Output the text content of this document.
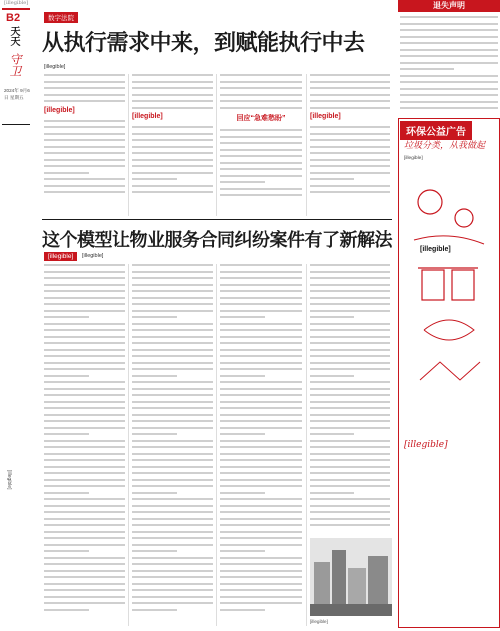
[illegible]
B2
天天
守卫
2024年 9月6日 星期五
数字法院
从执行需求中来，到赋能执行中去
[illegible]
[illegible]
[illegible]	回应“急难愁盼”	[illegible]
这个模型让物业服务合同纠纷案件有了新解法
[illegible]	[illegible]
[illegible]
退失声明
环保公益广告
垃圾分类，从我做起
[illegible]
[illegible]
[illegible]
[illegible]
